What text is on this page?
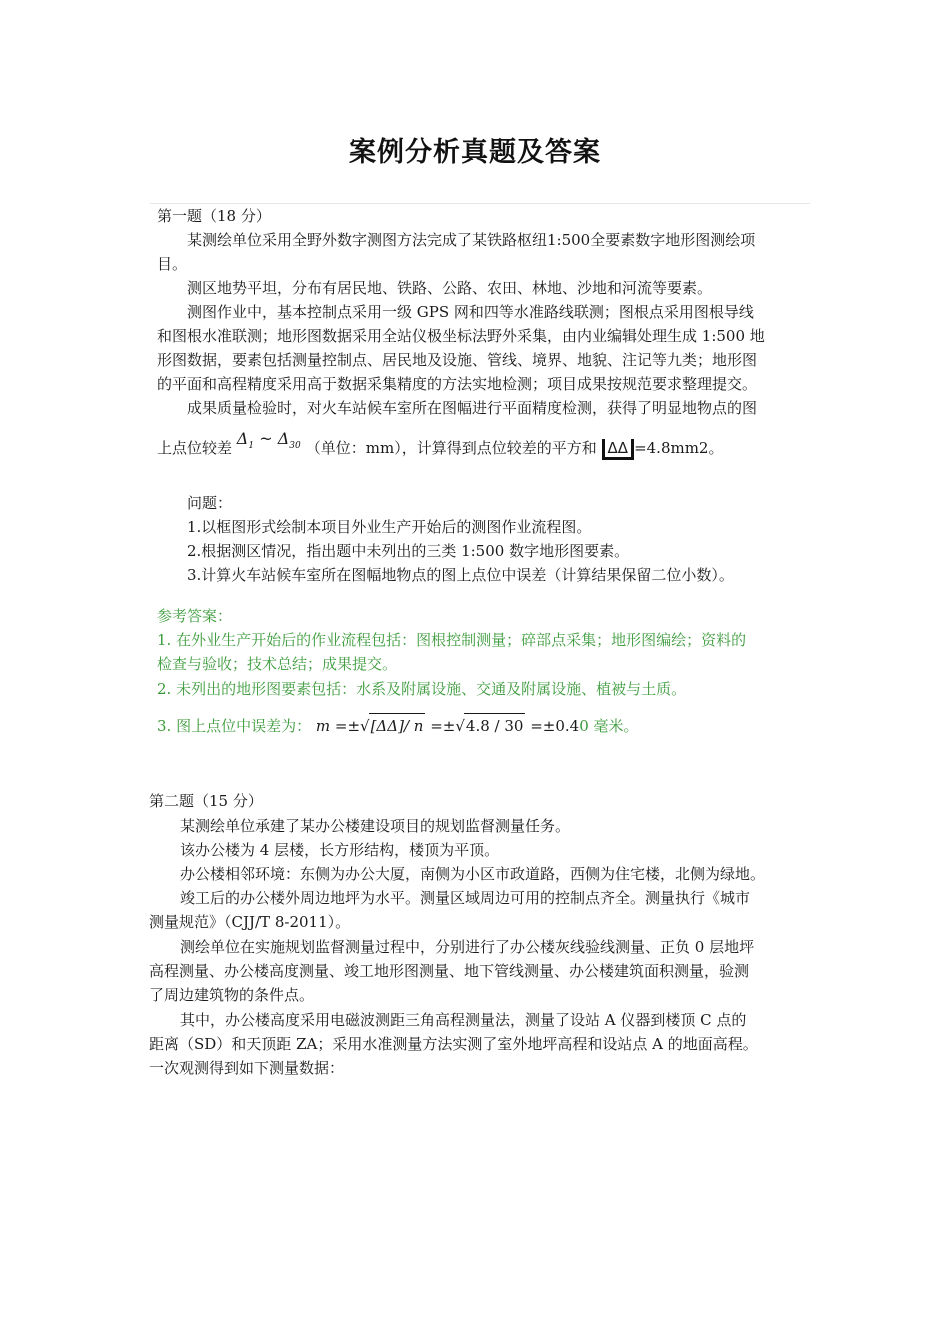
案例分析真题及答案
第一题（18 分）
某测绘单位采用全野外数字测图方法完成了某铁路枢纽1:500全要素数字地形图测绘项
目。
测区地势平坦，分布有居民地、铁路、公路、农田、林地、沙地和河流等要素。
测图作业中，基本控制点采用一级 GPS 网和四等水准路线联测；图根点采用图根导线
和图根水准联测；地形图数据采用全站仪极坐标法野外采集，由内业编辑处理生成 1:500 地
形图数据，要素包括测量控制点、居民地及设施、管线、境界、地貌、注记等九类；地形图
的平面和高程精度采用高于数据采集精度的方法实地检测；项目成果按规范要求整理提交。
成果质量检验时，对火车站候车室所在图幅进行平面精度检测，获得了明显地物点的图
上点位较差 $\Delta_1$ ~ $\Delta_{30}$ （单位：mm），计算得到点位较差的平方和 ΔΔ =4.8mm2。
问题：
1.以框图形式绘制本项目外业生产开始后的测图作业流程图。
2.根据测区情况，指出题中未列出的三类 1:500 数字地形图要素。
3.计算火车站候车室所在图幅地物点的图上点位中误差（计算结果保留二位小数）。
参考答案：
1. 在外业生产开始后的作业流程包括：图根控制测量；碎部点采集；地形图编绘；资料的
检查与验收；技术总结；成果提交。
2. 未列出的地形图要素包括：水系及附属设施、交通及附属设施、植被与土质。
3. 图上点位中误差为： m =±√[ΔΔ]/ n =±√4.8 / 30 =±0.40 毫米。
第二题（15 分）
某测绘单位承建了某办公楼建设项目的规划监督测量任务。
该办公楼为 4 层楼，长方形结构，楼顶为平顶。
办公楼相邻环境：东侧为办公大厦，南侧为小区市政道路，西侧为住宅楼，北侧为绿地。
竣工后的办公楼外周边地坪为水平。测量区域周边可用的控制点齐全。测量执行《城市
测量规范》（CJJ/T 8-2011）。
测绘单位在实施规划监督测量过程中，分别进行了办公楼灰线验线测量、正负 0 层地坪
高程测量、办公楼高度测量、竣工地形图测量、地下管线测量、办公楼建筑面积测量，验测
了周边建筑物的条件点。
其中，办公楼高度采用电磁波测距三角高程测量法，测量了设站 A 仪器到楼顶 C 点的
距离（SD）和天顶距 ZA；采用水准测量方法实测了室外地坪高程和设站点 A 的地面高程。
一次观测得到如下测量数据：
